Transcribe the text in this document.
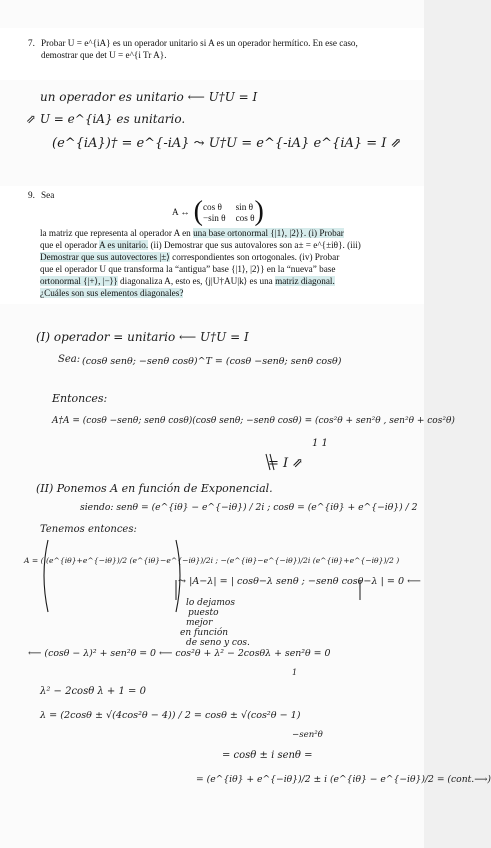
7. Probar U = e^{iA} es un operador unitario si A es un operador hermítico. En ese caso,
demostrar que det U = e^{i Tr A}.
un operador es unitario ⟵ U†U = I
⇗ U = e^{iA} es unitario.
(e^{iA})† = e^{-iA} ⤳ U†U = e^{-iA} e^{iA} = I ⇗
9. Sea
A ↔ ( cos θ	sin θ
−sin θ cos θ )
la matriz que representa al operador A en una base ortonormal {|1⟩, |2⟩}. (i) Probar
que el operador A es unitario. (ii) Demostrar que sus autovalores son a± = e^{±iθ}. (iii)
Demostrar que sus autovectores |±⟩ correspondientes son ortogonales. (iv) Probar
que el operador U que transforma la “antigua” base {|1⟩, |2⟩} en la “nueva” base
ortonormal {|+⟩, |−⟩} diagonaliza A, esto es, ⟨j|U†AU|k⟩ es una matriz diagonal.
¿Cuáles son sus elementos diagonales?
(I) operador = unitario ⟵ U†U = I
Sea: (cosθ senθ; −senθ cosθ)^T = (cosθ −senθ; senθ cosθ)
Entonces:
A†A = (cosθ −senθ; senθ cosθ)(cosθ senθ; −senθ cosθ) = (cos²θ + sen²θ , sen²θ + cos²θ)
1 1
= I ⇗
(II) Ponemos A en función de Exponencial.
siendo: senθ = (e^{iθ} − e^{−iθ}) / 2i ; cosθ = (e^{iθ} + e^{−iθ}) / 2
Tenemos entonces:
A = ( (e^{iθ}+e^{−iθ})/2 (e^{iθ}−e^{−iθ})/2i ; −(e^{iθ}−e^{−iθ})/2i (e^{iθ}+e^{−iθ})/2 )
⤳ |A−λ| = | cosθ−λ senθ ; −senθ cosθ−λ | = 0 ⟵
lo dejamos
puesto
mejor
en función
de seno y cos.
⟵ (cosθ − λ)² + sen²θ = 0 ⟵ cos²θ + λ² − 2cosθλ + sen²θ = 0
1
λ² − 2cosθ λ + 1 = 0
λ = (2cosθ ± √(4cos²θ − 4)) / 2 = cosθ ± √(cos²θ − 1)
−sen²θ
= cosθ ± i senθ =
= (e^{iθ} + e^{−iθ})/2 ± i (e^{iθ} − e^{−iθ})/2 = (cont.⟶)
